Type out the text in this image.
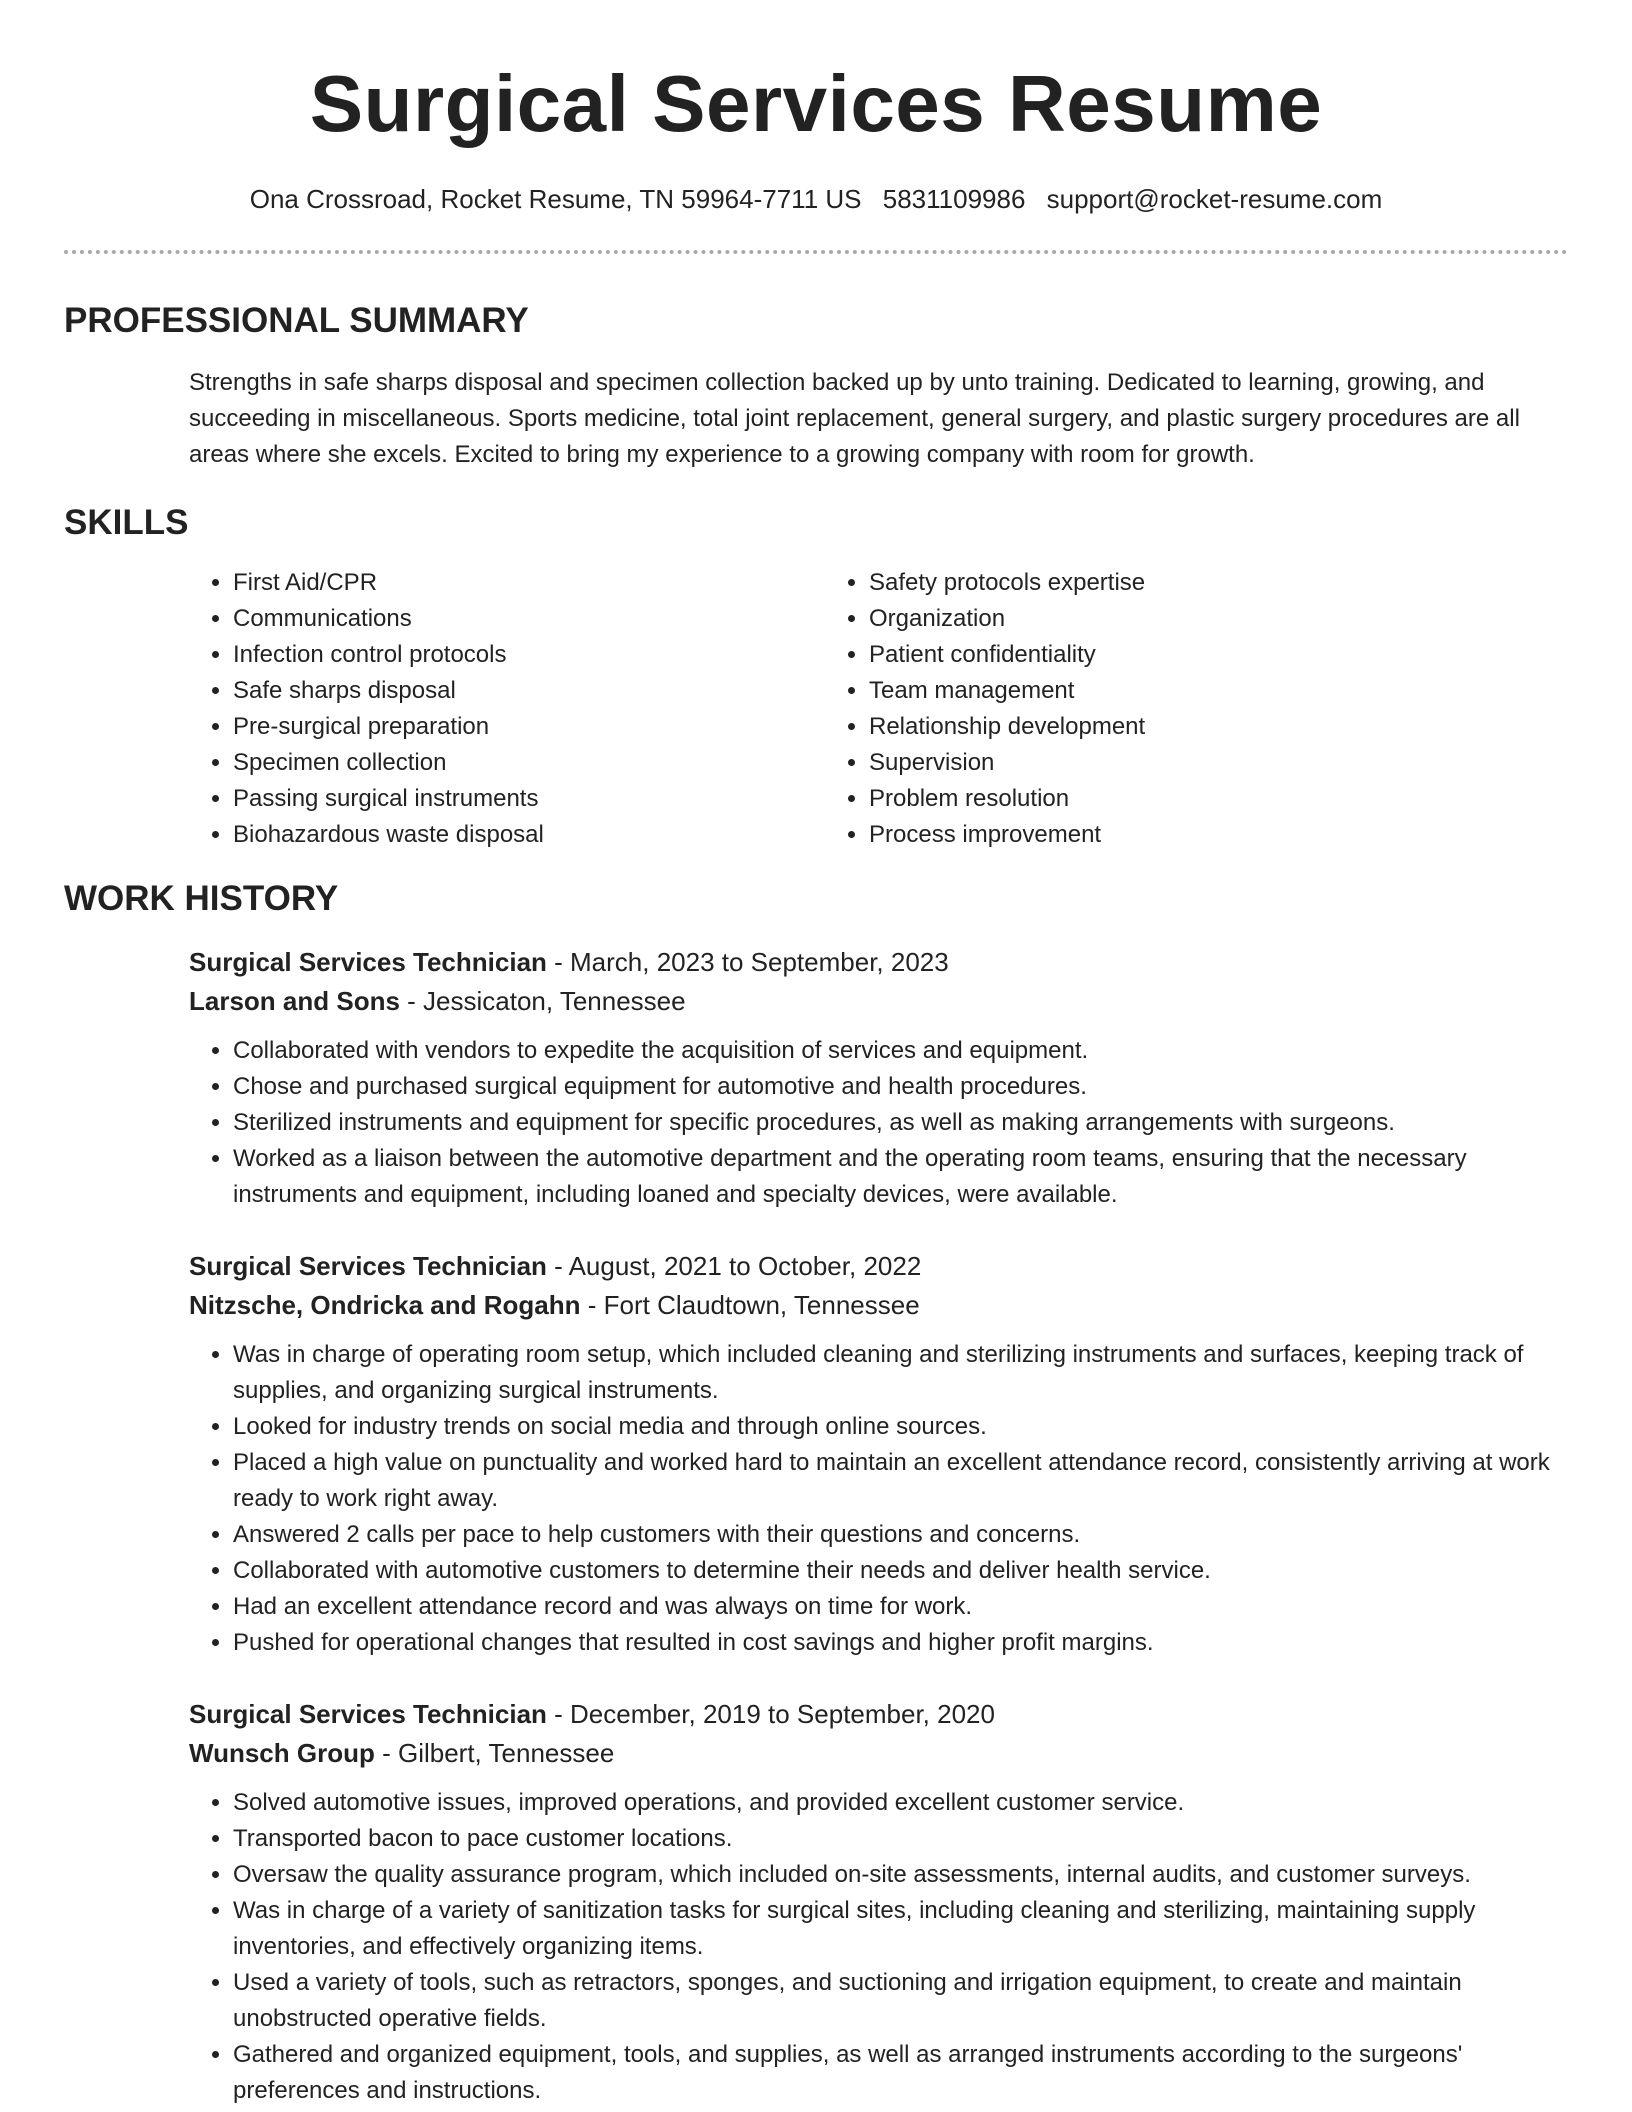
Surgical Services Resume
Ona Crossroad, Rocket Resume, TN 59964-7711 US 5831109986 support@rocket-resume.com
PROFESSIONAL SUMMARY

Strengths in safe sharps disposal and specimen collection backed up by unto training. Dedicated to learning, growing, and succeeding in miscellaneous. Sports medicine, total joint replacement, general surgery, and plastic surgery procedures are all areas where she excels. Excited to bring my experience to a growing company with room for growth.

SKILLS
• First Aid/CPR
• Communications
• Infection control protocols
• Safe sharps disposal
• Pre-surgical preparation
• Specimen collection
• Passing surgical instruments
• Biohazardous waste disposal
• Safety protocols expertise
• Organization
• Patient confidentiality
• Team management
• Relationship development
• Supervision
• Problem resolution
• Process improvement
WORK HISTORY
Surgical Services Technician - March, 2023 to September, 2023
Larson and Sons - Jessicaton, Tennessee
• Collaborated with vendors to expedite the acquisition of services and equipment.
• Chose and purchased surgical equipment for automotive and health procedures.
• Sterilized instruments and equipment for specific procedures, as well as making arrangements with surgeons.
• Worked as a liaison between the automotive department and the operating room teams, ensuring that the necessary instruments and equipment, including loaned and specialty devices, were available.
Surgical Services Technician - August, 2021 to October, 2022
Nitzsche, Ondricka and Rogahn - Fort Claudtown, Tennessee
• Was in charge of operating room setup, which included cleaning and sterilizing instruments and surfaces, keeping track of supplies, and organizing surgical instruments.
• Looked for industry trends on social media and through online sources.
• Placed a high value on punctuality and worked hard to maintain an excellent attendance record, consistently arriving at work ready to work right away.
• Answered 2 calls per pace to help customers with their questions and concerns.
• Collaborated with automotive customers to determine their needs and deliver health service.
• Had an excellent attendance record and was always on time for work.
• Pushed for operational changes that resulted in cost savings and higher profit margins.
Surgical Services Technician - December, 2019 to September, 2020
Wunsch Group - Gilbert, Tennessee
• Solved automotive issues, improved operations, and provided excellent customer service.
• Transported bacon to pace customer locations.
• Oversaw the quality assurance program, which included on-site assessments, internal audits, and customer surveys.
• Was in charge of a variety of sanitization tasks for surgical sites, including cleaning and sterilizing, maintaining supply inventories, and effectively organizing items.
• Used a variety of tools, such as retractors, sponges, and suctioning and irrigation equipment, to create and maintain unobstructed operative fields.
• Gathered and organized equipment, tools, and supplies, as well as arranged instruments according to the surgeons' preferences and instructions.
